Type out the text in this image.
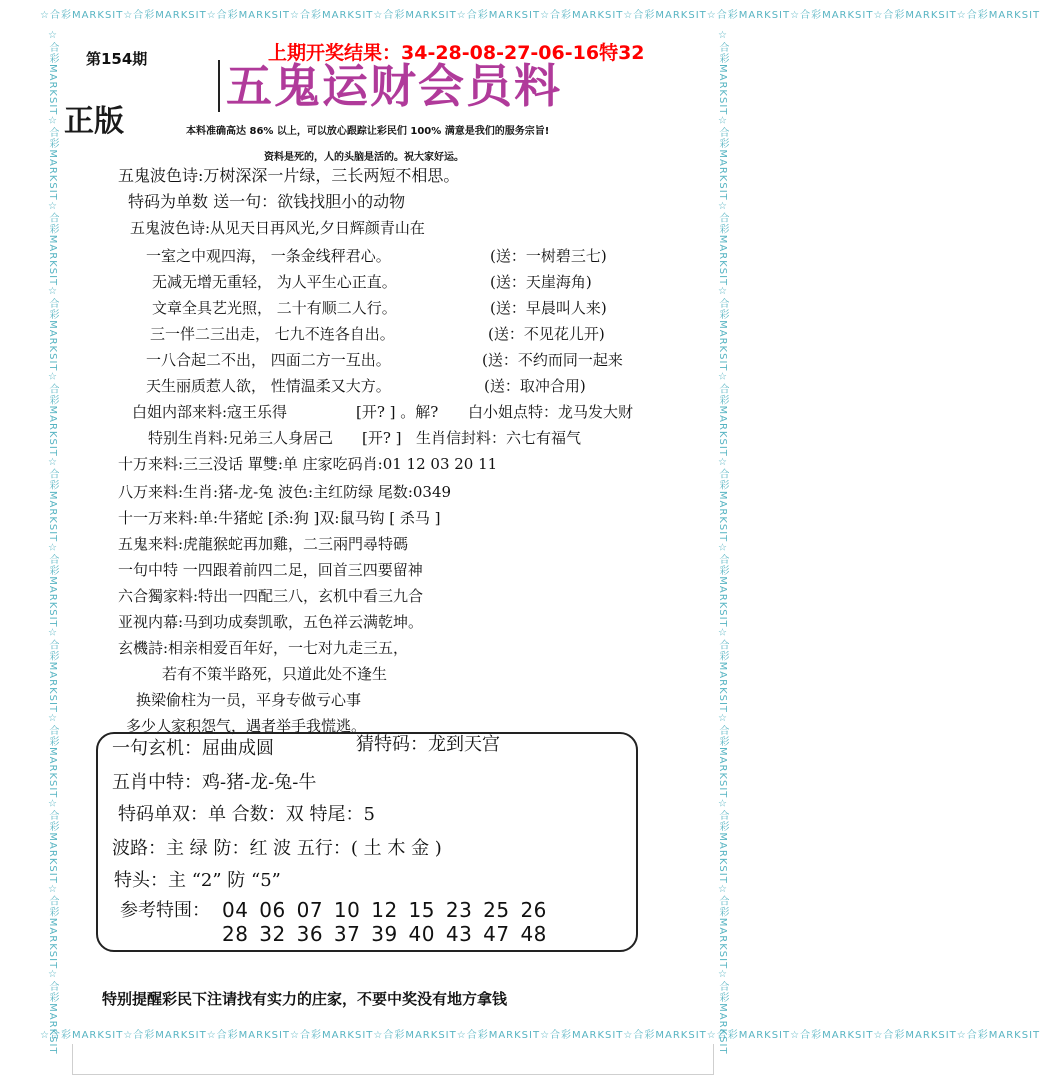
☆合彩MARKSIT☆合彩MARKSIT☆合彩MARKSIT☆合彩MARKSIT☆合彩MARKSIT☆合彩MARKSIT☆合彩MARKSIT☆合彩MARKSIT☆合彩MARKSIT☆合彩MARKSIT☆合彩MARKSIT☆合彩MARKSIT
☆合彩MARKSIT☆合彩MARKSIT☆合彩MARKSIT☆合彩MARKSIT☆合彩MARKSIT☆合彩MARKSIT☆合彩MARKSIT☆合彩MARKSIT☆合彩MARKSIT☆合彩MARKSIT☆合彩MARKSIT☆合彩MARKSIT
☆合彩MARKSIT☆合彩MARKSIT☆合彩MARKSIT☆合彩MARKSIT☆合彩MARKSIT☆合彩MARKSIT☆合彩MARKSIT☆合彩MARKSIT☆合彩MARKSIT☆合彩MARKSIT☆合彩MARKSIT☆合彩MARKSIT	☆合彩MARKSIT☆合彩MARKSIT☆合彩MARKSIT☆合彩MARKSIT☆合彩MARKSIT☆合彩MARKSIT☆合彩MARKSIT☆合彩MARKSIT☆合彩MARKSIT☆合彩MARKSIT☆合彩MARKSIT☆合彩MARKSIT
第154期	上期开奖结果：34-28-08-27-06-16特32
五鬼运财会员料
正版	本料准确高达 86% 以上，可以放心跟踪让彩民们 100% 满意是我们的服务宗旨!
资料是死的，人的头脑是活的。祝大家好运。
五鬼波色诗:万树深深一片绿，三长两短不相思。
特码为单数 送一句：欲钱找胆小的动物
五鬼波色诗:从见天日再风光,夕日辉颜青山在
一室之中观四海， 一条金线秤君心。	(送：一树碧三七)
无减无增无重轻， 为人平生心正直。	(送：天崖海角)
文章全具艺光照， 二十有顺二人行。	(送：早晨叫人来)
三一伴二三出走， 七九不连各自出。	(送：不见花儿开)
一八合起二不出， 四面二方一互出。	(送：不约而同一起来
天生丽质惹人欲， 性情温柔又大方。	(送：取冲合用)
白姐内部来料:寇王乐得	[开? ] 。解? 白小姐点特：龙马发大财
特别生肖料:兄弟三人身居己 [开? ] 生肖信封料：六七有福气
十万来料:三三没话 單雙:单 庄家吃码肖:01 12 03 20 11
八万来料:生肖:猪-龙-兔 波色:主红防绿 尾数:0349
十一万来料:单:牛猪蛇 [杀:狗 ]双:鼠马钩 [ 杀马 ]
五鬼来料:虎龍猴蛇再加雞，二三兩門尋特碼
一句中特 一四跟着前四二足，回首三四要留神
六合獨家料:特出一四配三八，玄机中看三九合
亚视内幕:马到功成奏凯歌，五色祥云满乾坤。
玄機詩:相亲相爱百年好，一七对九走三五，
若有不策半路死，只道此处不逢生
换梁偷柱为一员，平身专做亏心事
多少人家积怨气，遇者举手我慌逃。
一句玄机：屈曲成圆	猜特码：龙到天宫
五肖中特：鸡-猪-龙-兔-牛
特码单双：单 合数：双 特尾：5
波路：主 绿 防：红 波 五行：( 土 木 金 )
特头：主 “2” 防 “5”
参考特围： 04 06 07 10 12 15 23 25 26
28 32 36 37 39 40 43 47 48
特别提醒彩民下注请找有实力的庄家，不要中奖没有地方拿钱
